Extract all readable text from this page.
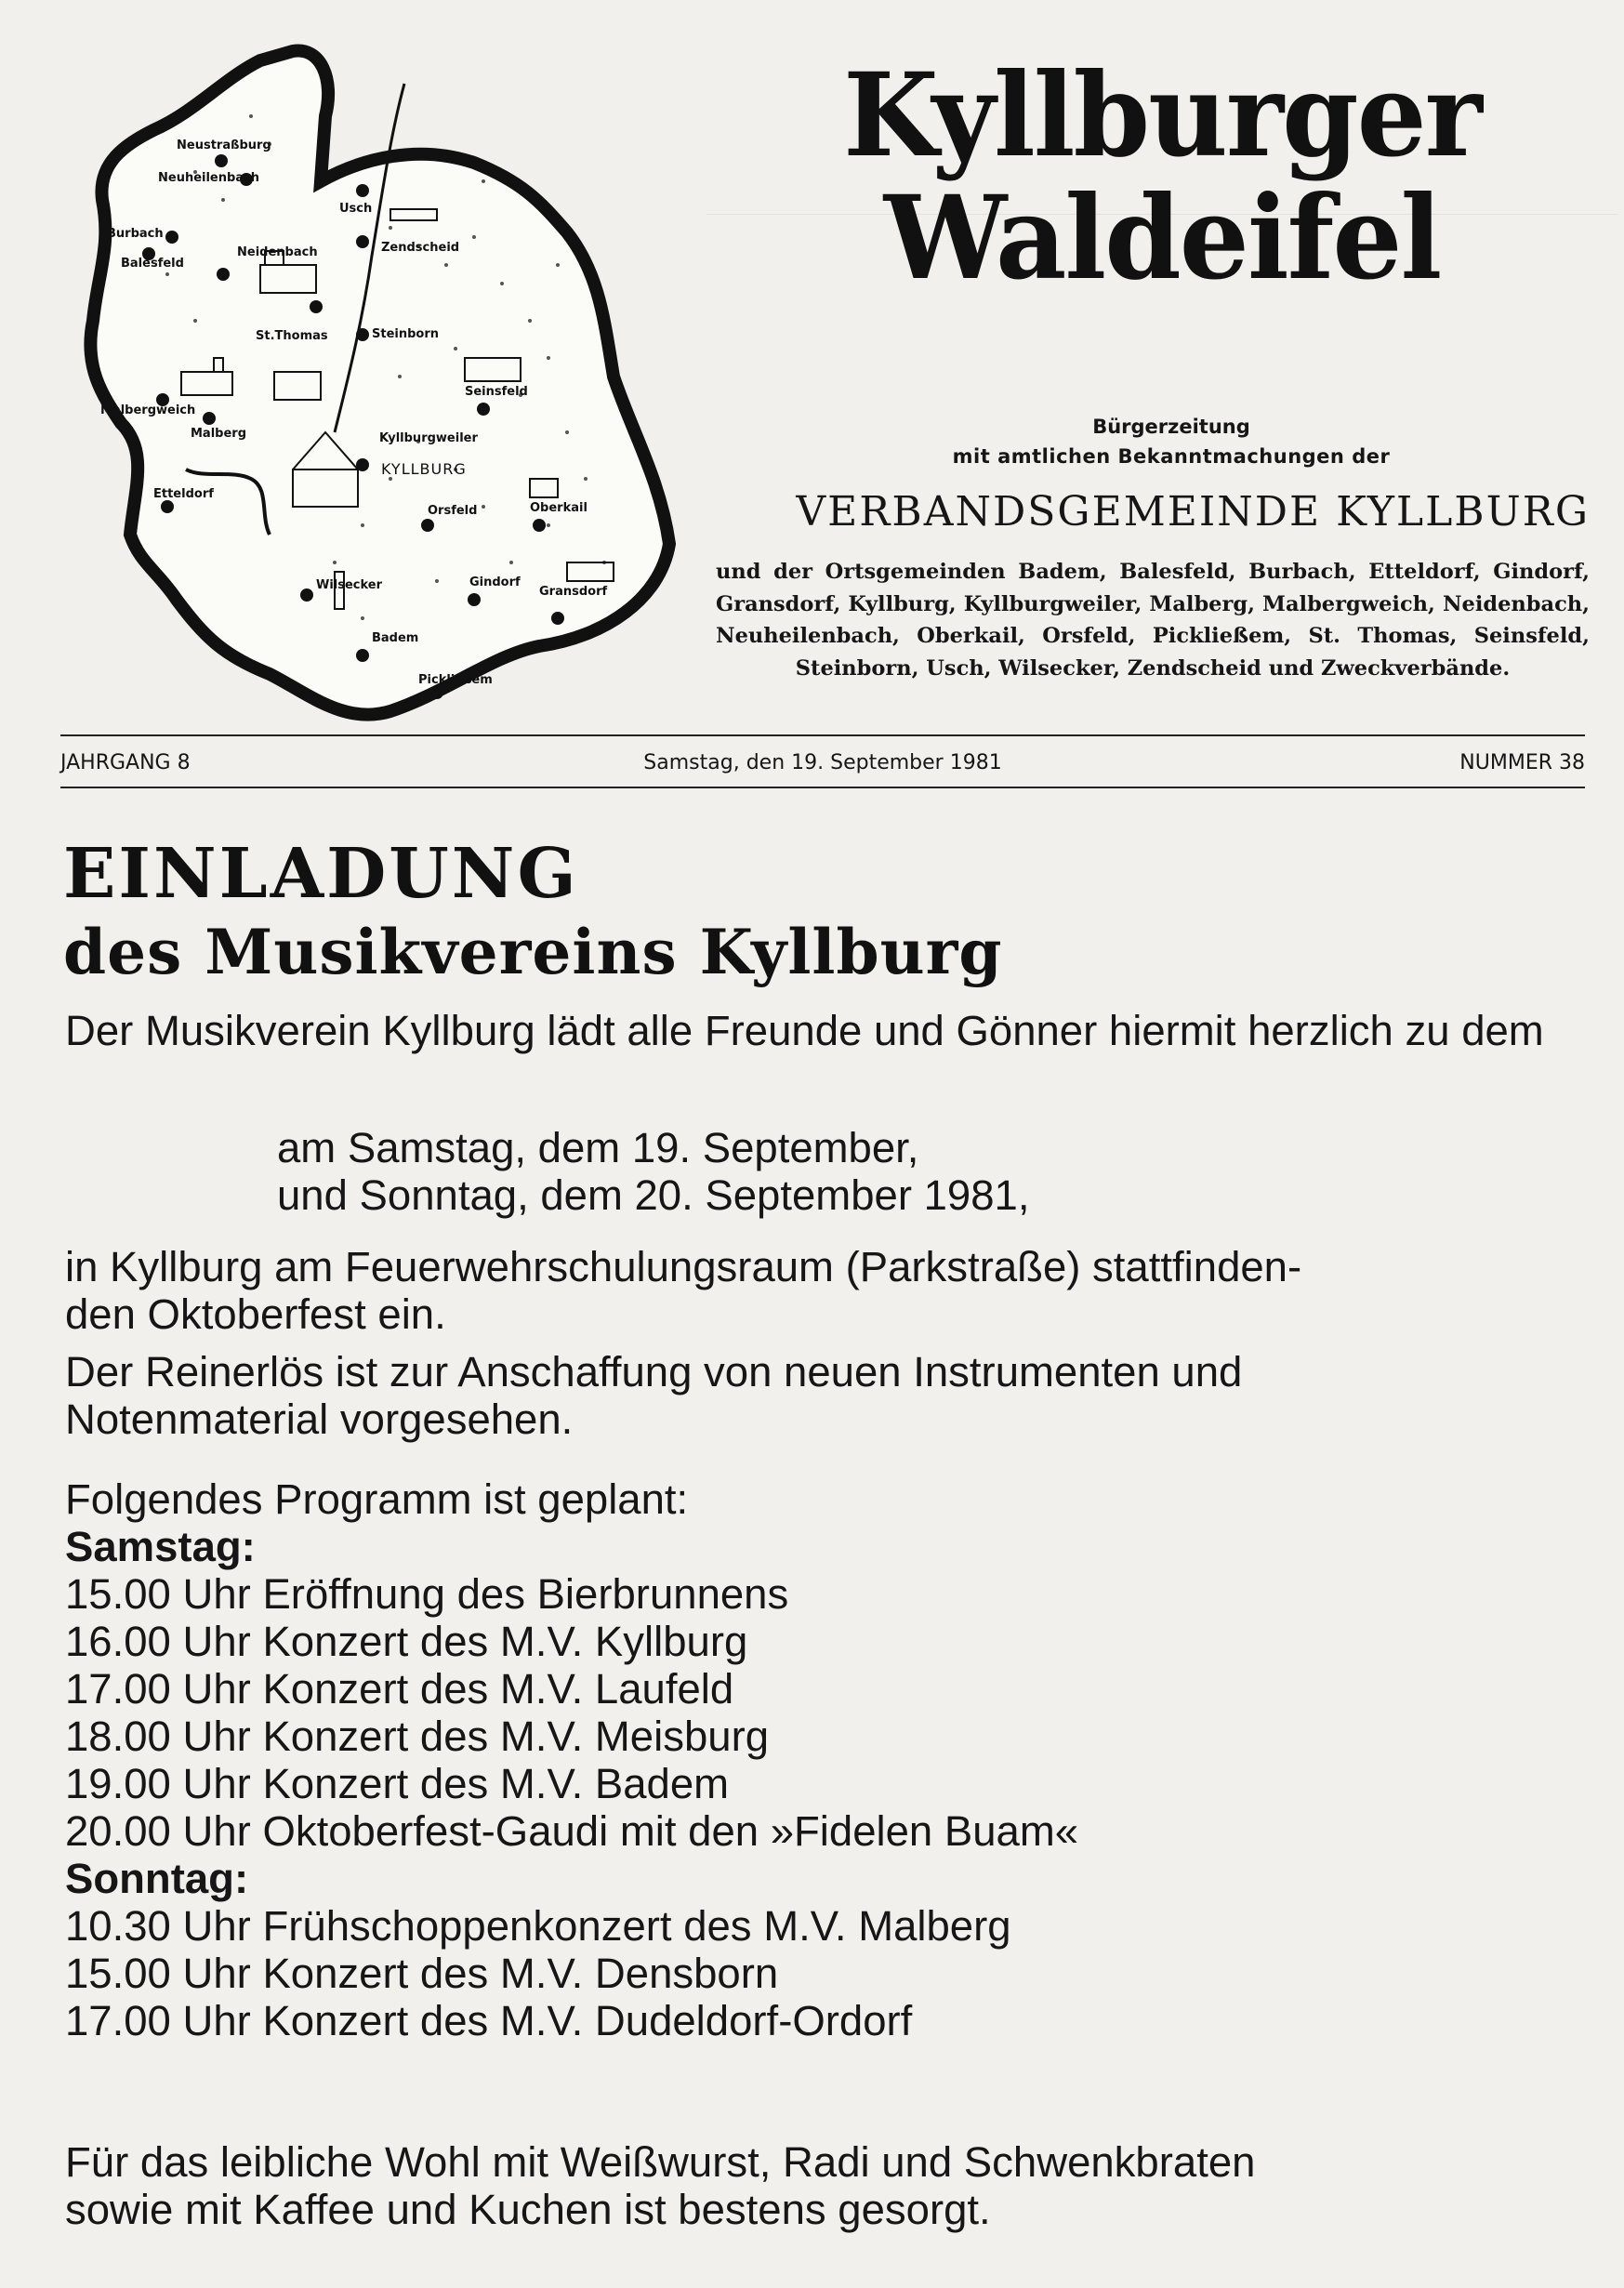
Neustraßburg
Neuheilenbach
Usch
Burbach
Zendscheid
Balesfeld
Neidenbach
St.Thomas	Steinborn
Malbergweich
Malberg
Seinsfeld
Kyllburgweiler
KYLLBURG
Etteldorf
Orsfeld	Oberkail
Wilsecker	Gindorf
Gransdorf
Badem
Pickließem
Kyllburger
Waldeifel

Bürgerzeitung

mit amtlichen Bekanntmachungen der

VERBANDSGEMEINDE KYLLBURG

und der Ortsgemeinden Badem, Balesfeld, Burbach, Etteldorf, Gindorf, Gransdorf, Kyllburg, Kyllburgweiler, Malberg, Malbergweich, Neidenbach, Neuheilenbach, Oberkail, Orsfeld, Pickließem, St. Thomas, Seinsfeld, Steinborn, Usch, Wilsecker, Zendscheid und Zweckverbände.

JAHRGANG 8	Samstag, den 19. September 1981	NUMMER 38
EINLADUNG
des Musikvereins Kyllburg

Der Musikverein Kyllburg lädt alle Freunde und Gönner hiermit herzlich zu dem

am Samstag, dem 19. September,
und Sonntag, dem 20. September 1981,
in Kyllburg am Feuerwehrschulungsraum (Parkstraße) stattfinden-
den Oktoberfest ein.
Der Reinerlös ist zur Anschaffung von neuen Instrumenten und
Notenmaterial vorgesehen.
Folgendes Programm ist geplant:
Samstag:
15.00 Uhr Eröffnung des Bierbrunnens
16.00 Uhr Konzert des M.V. Kyllburg
17.00 Uhr Konzert des M.V. Laufeld
18.00 Uhr Konzert des M.V. Meisburg
19.00 Uhr Konzert des M.V. Badem
20.00 Uhr Oktoberfest-Gaudi mit den »Fidelen Buam«
Sonntag:
10.30 Uhr Frühschoppenkonzert des M.V. Malberg
15.00 Uhr Konzert des M.V. Densborn
17.00 Uhr Konzert des M.V. Dudeldorf-Ordorf
Für das leibliche Wohl mit Weißwurst, Radi und Schwenkbraten
sowie mit Kaffee und Kuchen ist bestens gesorgt.
